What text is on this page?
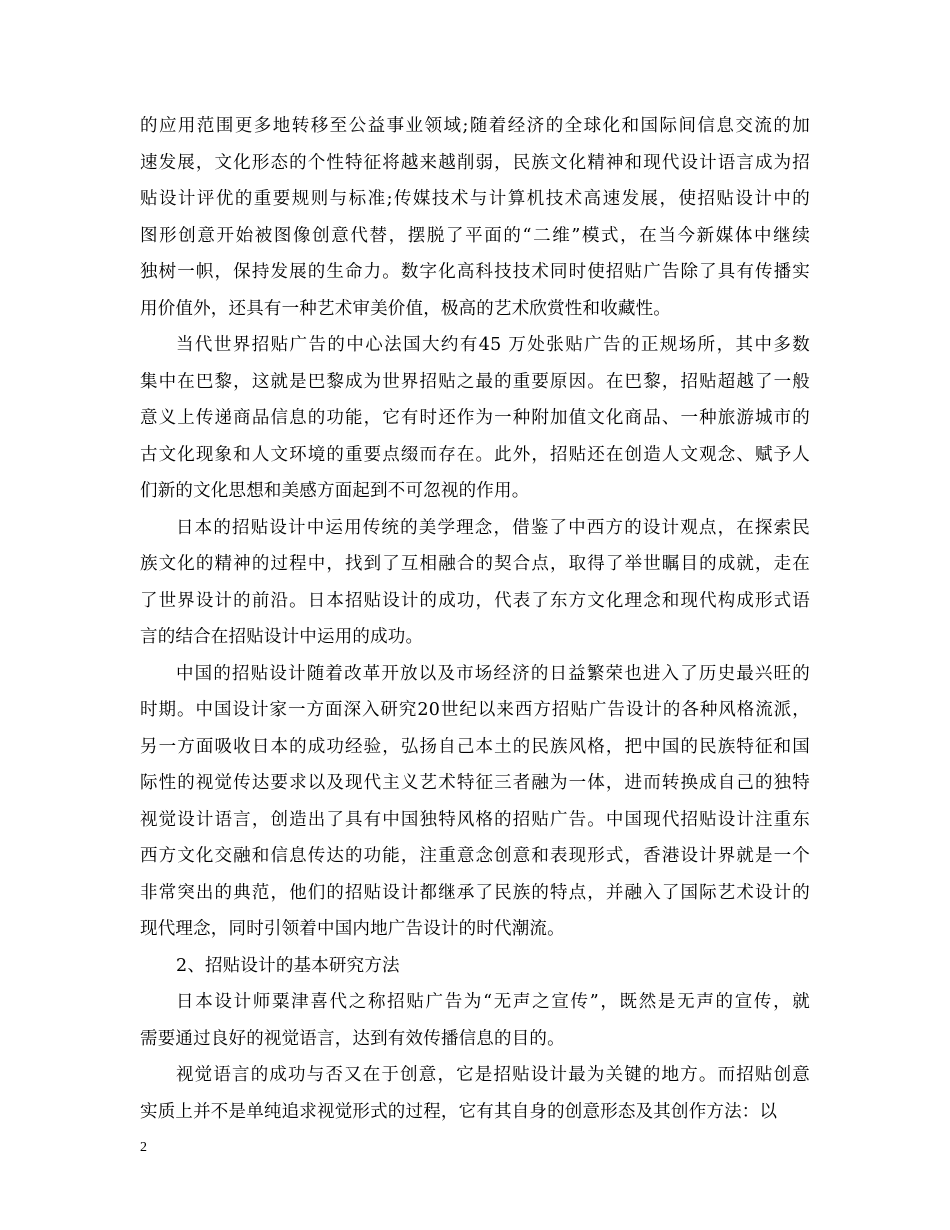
的应用范围更多地转移至公益事业领域;随着经济的全球化和国际间信息交流的加
速发展，文化形态的个性特征将越来越削弱，民族文化精神和现代设计语言成为招
贴设计评优的重要规则与标准;传媒技术与计算机技术高速发展，使招贴设计中的
图形创意开始被图像创意代替，摆脱了平面的“二维”模式，在当今新媒体中继续
独树一帜，保持发展的生命力。数字化高科技技术同时使招贴广告除了具有传播实
用价值外，还具有一种艺术审美价值，极高的艺术欣赏性和收藏性。
当代世界招贴广告的中心法国大约有45 万处张贴广告的正规场所，其中多数
集中在巴黎，这就是巴黎成为世界招贴之最的重要原因。在巴黎，招贴超越了一般
意义上传递商品信息的功能，它有时还作为一种附加值文化商品、一种旅游城市的
古文化现象和人文环境的重要点缀而存在。此外，招贴还在创造人文观念、赋予人
们新的文化思想和美感方面起到不可忽视的作用。
日本的招贴设计中运用传统的美学理念，借鉴了中西方的设计观点，在探索民
族文化的精神的过程中，找到了互相融合的契合点，取得了举世瞩目的成就，走在
了世界设计的前沿。日本招贴设计的成功，代表了东方文化理念和现代构成形式语
言的结合在招贴设计中运用的成功。
中国的招贴设计随着改革开放以及市场经济的日益繁荣也进入了历史最兴旺的
时期。中国设计家一方面深入研究20世纪以来西方招贴广告设计的各种风格流派，
另一方面吸收日本的成功经验，弘扬自己本土的民族风格，把中国的民族特征和国
际性的视觉传达要求以及现代主义艺术特征三者融为一体，进而转换成自己的独特
视觉设计语言，创造出了具有中国独特风格的招贴广告。中国现代招贴设计注重东
西方文化交融和信息传达的功能，注重意念创意和表现形式，香港设计界就是一个
非常突出的典范，他们的招贴设计都继承了民族的特点，并融入了国际艺术设计的
现代理念，同时引领着中国内地广告设计的时代潮流。
2、招贴设计的基本研究方法
日本设计师粟津喜代之称招贴广告为“无声之宣传”，既然是无声的宣传，就
需要通过良好的视觉语言，达到有效传播信息的目的。
视觉语言的成功与否又在于创意，它是招贴设计最为关键的地方。而招贴创意
实质上并不是单纯追求视觉形式的过程，它有其自身的创意形态及其创作方法：以
2
